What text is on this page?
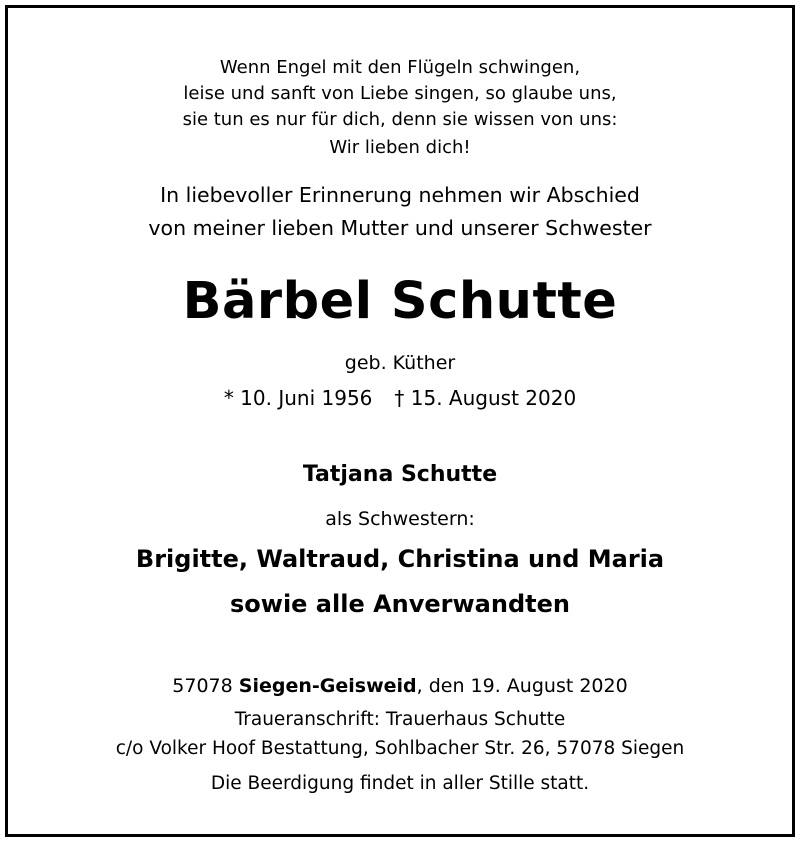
Wenn Engel mit den Flügeln schwingen,
leise und sanft von Liebe singen, so glaube uns,
sie tun es nur für dich, denn sie wissen von uns:
Wir lieben dich!
In liebevoller Erinnerung nehmen wir Abschied
von meiner lieben Mutter und unserer Schwester
Bärbel Schutte
geb. Küther
* 10. Juni 1956 † 15. August 2020
Tatjana Schutte
als Schwestern:
Brigitte, Waltraud, Christina und Maria
sowie alle Anverwandten
57078 Siegen-Geisweid, den 19. August 2020
Traueranschrift: Trauerhaus Schutte
c/o Volker Hoof Bestattung, Sohlbacher Str. 26, 57078 Siegen
Die Beerdigung findet in aller Stille statt.
